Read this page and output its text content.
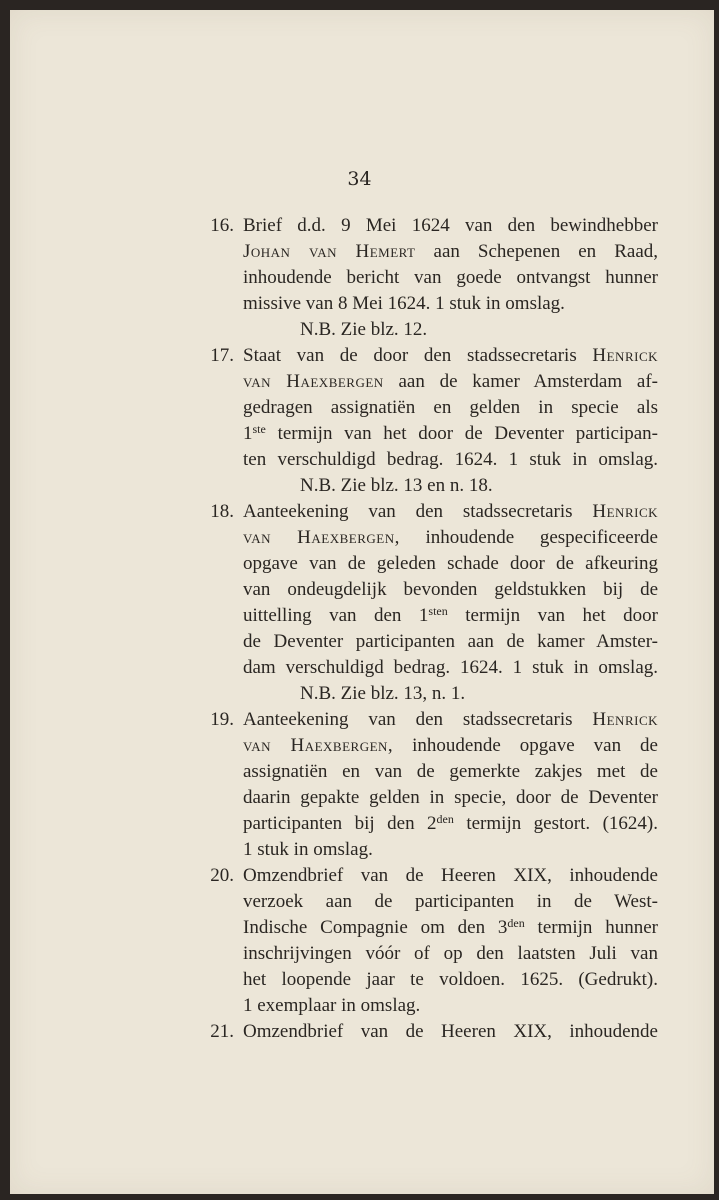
34
16. Brief d.d. 9 Mei 1624 van den bewindhebber
Johan van Hemert aan Schepenen en Raad,
inhoudende bericht van goede ontvangst hunner
missive van 8 Mei 1624. 1 stuk in omslag.
N.B. Zie blz. 12.
17. Staat van de door den stadssecretaris Henrick
van Haexbergen aan de kamer Amsterdam af-
gedragen assignatiën en gelden in specie als
1ste termijn van het door de Deventer participan-
ten verschuldigd bedrag. 1624. 1 stuk in omslag.
N.B. Zie blz. 13 en n. 18.
18. Aanteekening van den stadssecretaris Henrick
van Haexbergen, inhoudende gespecificeerde
opgave van de geleden schade door de afkeuring
van ondeugdelijk bevonden geldstukken bij de
uittelling van den $1^{sten}$ termijn van het door
de Deventer participanten aan de kamer Amster-
dam verschuldigd bedrag. 1624. 1 stuk in omslag.
N.B. Zie blz. 13, n. 1.
19. Aanteekening van den stadssecretaris Henrick
van Haexbergen, inhoudende opgave van de
assignatiën en van de gemerkte zakjes met de
daarin gepakte gelden in specie, door de Deventer
participanten bij den $2^{den}$ termijn gestort. (1624).
1 stuk in omslag.
20. Omzendbrief van de Heeren XIX, inhoudende
verzoek aan de participanten in de West-
Indische Compagnie om den $3^{den}$ termijn hunner
inschrijvingen vóór of op den laatsten Juli van
het loopende jaar te voldoen. 1625. (Gedrukt).
1 exemplaar in omslag.
21. Omzendbrief van de Heeren XIX, inhoudende
